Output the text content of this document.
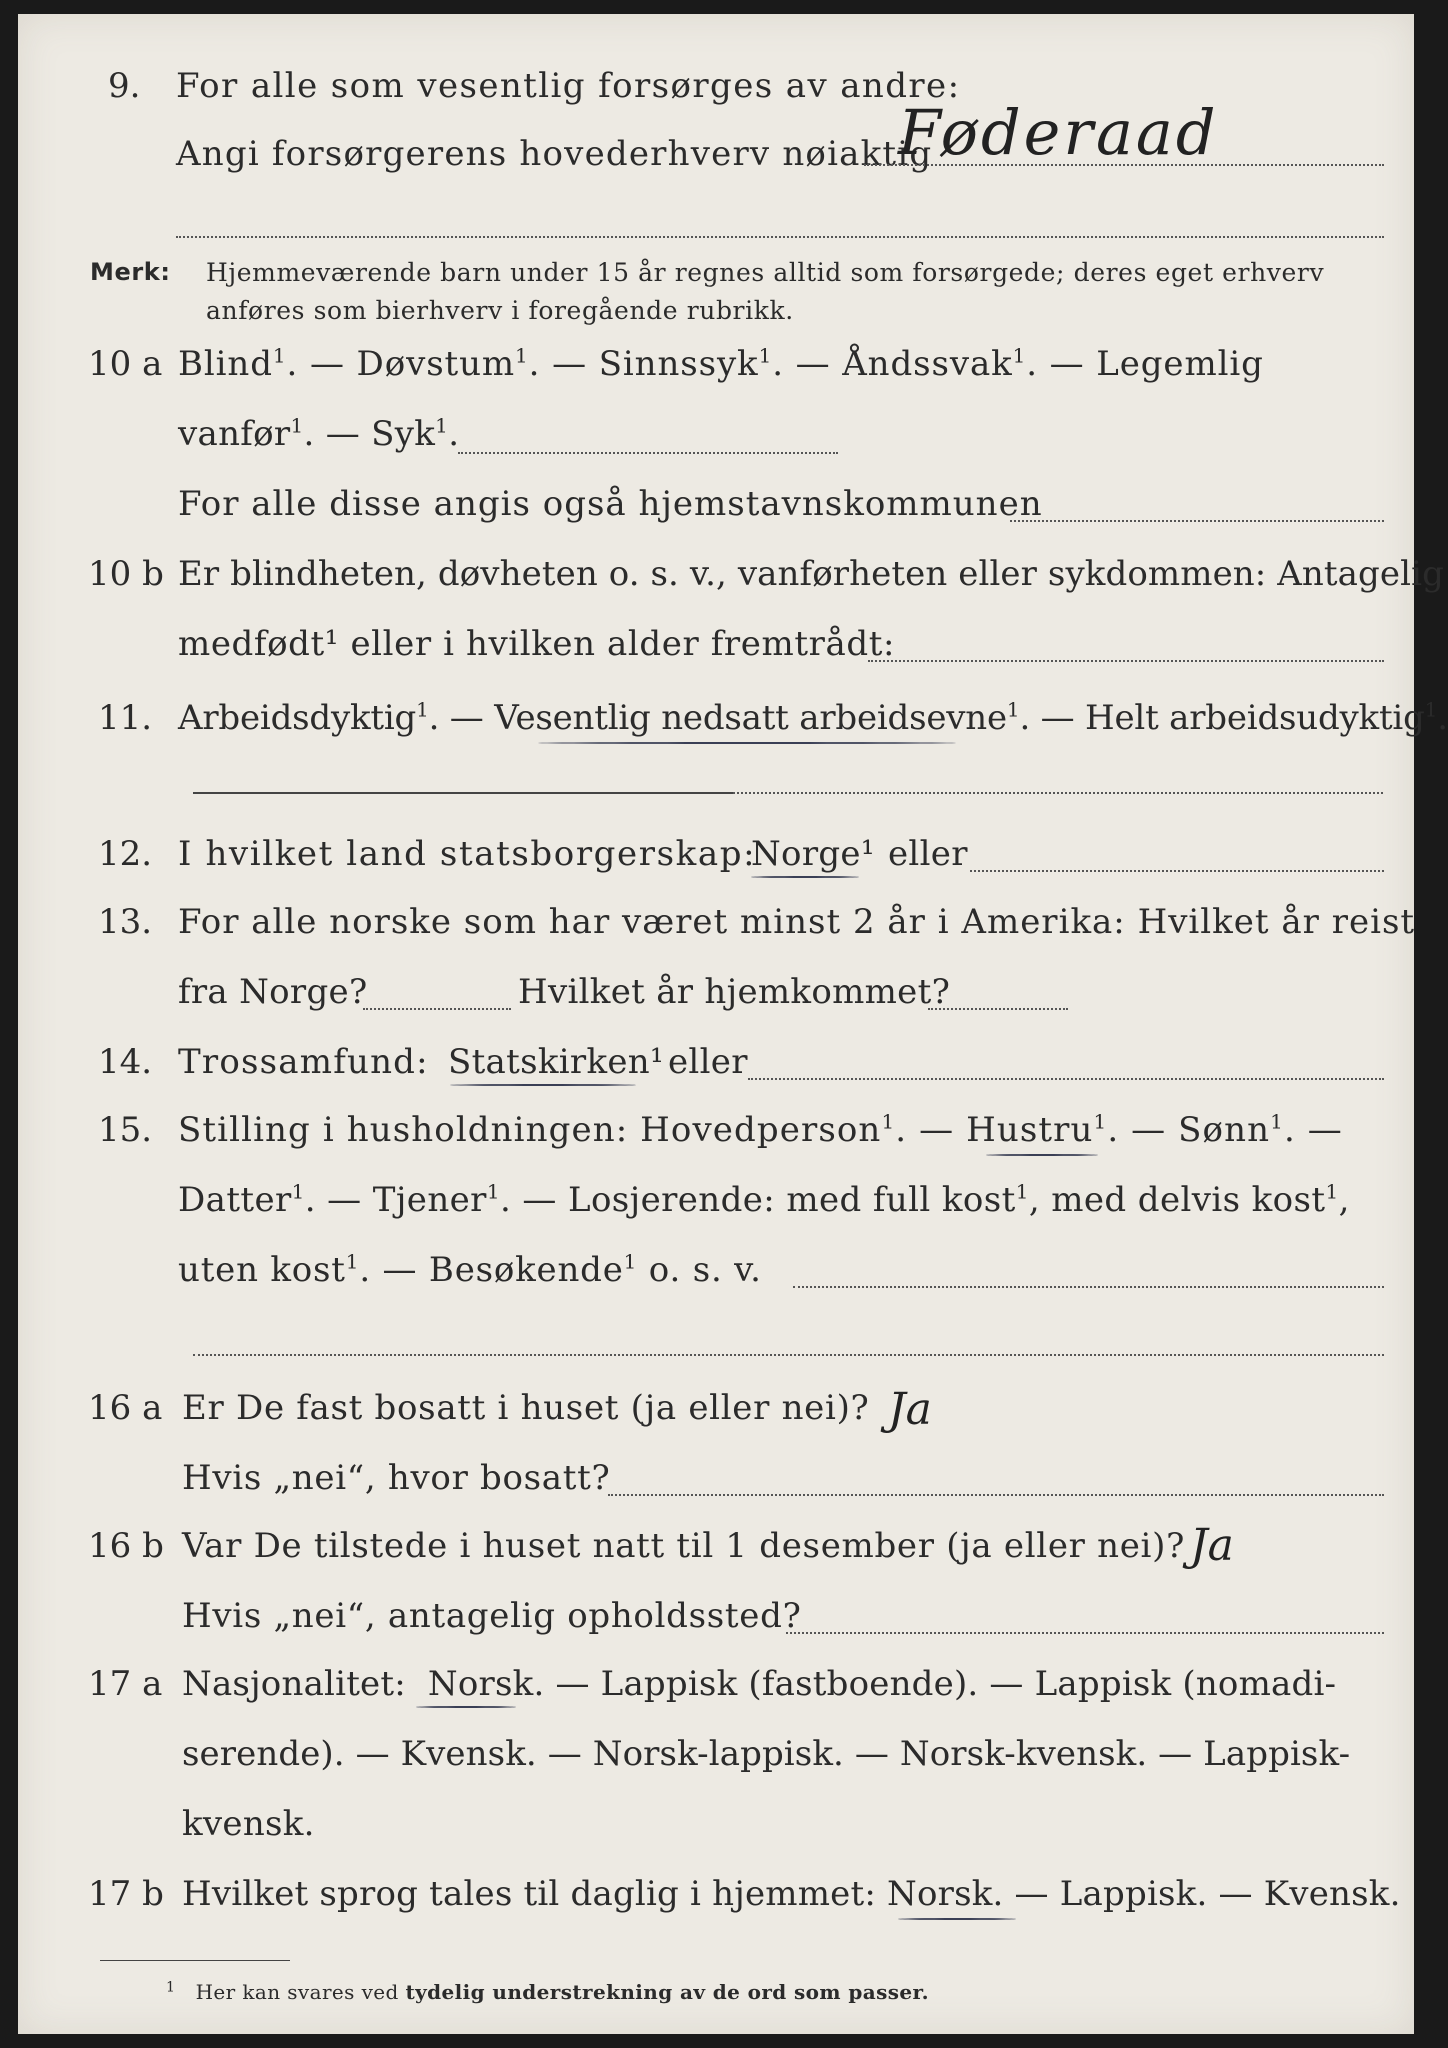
9. For alle som vesentlig forsørges av andre:
Angi forsørgerens hovederhverv nøiaktig
Føderaad
Merk: Hjemmeværende barn under 15 år regnes alltid som forsørgede; deres eget erhverv
anføres som bierhverv i foregående rubrikk.
10 a Blind$^1$. — Døvstum$^1$. — Sinnssyk$^1$. — Åndssvak$^1$. — Legemlig
vanfør$^1$. — Syk$^1$.
For alle disse angis også hjemstavnskommunen
10 b Er blindheten, døvheten o. s. v., vanførheten eller sykdommen: Antagelig
medfødt¹ eller i hvilken alder fremtrådt:
11. Arbeidsdyktig$^1$. — Vesentlig nedsatt arbeidsevne$^1$. — Helt arbeidsudyktig$^1$.
12. I hvilket land statsborgerskap:
Norge¹ eller
13. For alle norske som har været minst 2 år i Amerika: Hvilket år reist
fra Norge?	Hvilket år hjemkommet?
14. Trossamfund: Statskirken¹ eller
15. Stilling i husholdningen: Hovedperson$^1$. — Hustru$^1$. — Sønn$^1$. —
Datter$^1$. — Tjener$^1$. — Losjerende: med full kost$^1$, med delvis kost$^1$,
uten kost$^1$. — Besøkende$^1$ o. s. v.
16 a Er De fast bosatt i huset (ja eller nei)? Ja
Hvis „nei“, hvor bosatt?
16 b Var De tilstede i huset natt til 1 desember (ja eller nei)? Ja
Hvis „nei“, antagelig opholdssted?
17 a Nasjonalitet: Norsk. — Lappisk (fastboende). — Lappisk (nomadi-
serende). — Kvensk. — Norsk-lappisk. — Norsk-kvensk. — Lappisk-
kvensk.
17 b Hvilket sprog tales til daglig i hjemmet: Norsk. — Lappisk. — Kvensk.
$^1$ Her kan svares ved tydelig understrekning av de ord som passer.
